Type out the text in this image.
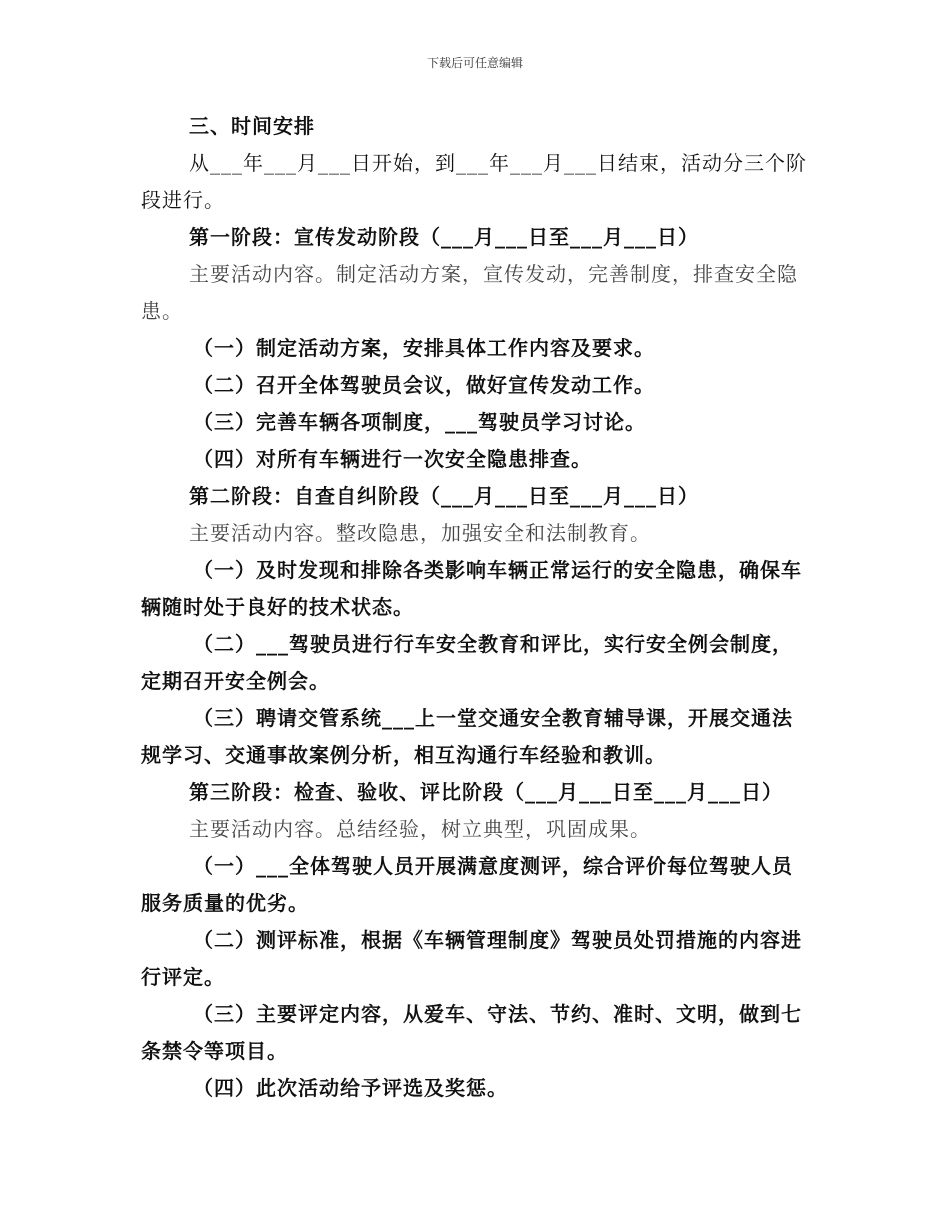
下载后可任意编辑

三、时间安排

从___年___月___日开始，到___年___月___日结束，活动分三个阶段进行。

第一阶段：宣传发动阶段（___月___日至___月___日）

主要活动内容。制定活动方案，宣传发动，完善制度，排查安全隐患。

（一）制定活动方案，安排具体工作内容及要求。

（二）召开全体驾驶员会议，做好宣传发动工作。

（三）完善车辆各项制度，___驾驶员学习讨论。

（四）对所有车辆进行一次安全隐患排查。

第二阶段：自查自纠阶段（___月___日至___月___日）

主要活动内容。整改隐患，加强安全和法制教育。

（一）及时发现和排除各类影响车辆正常运行的安全隐患，确保车辆随时处于良好的技术状态。

（二）___驾驶员进行行车安全教育和评比，实行安全例会制度，定期召开安全例会。

（三）聘请交管系统___上一堂交通安全教育辅导课，开展交通法规学习、交通事故案例分析，相互沟通行车经验和教训。

第三阶段：检查、验收、评比阶段（___月___日至___月___日）

主要活动内容。总结经验，树立典型，巩固成果。

（一）___全体驾驶人员开展满意度测评，综合评价每位驾驶人员服务质量的优劣。

（二）测评标准，根据《车辆管理制度》驾驶员处罚措施的内容进行评定。

（三）主要评定内容，从爱车、守法、节约、准时、文明，做到七条禁令等项目。

（四）此次活动给予评选及奖惩。
